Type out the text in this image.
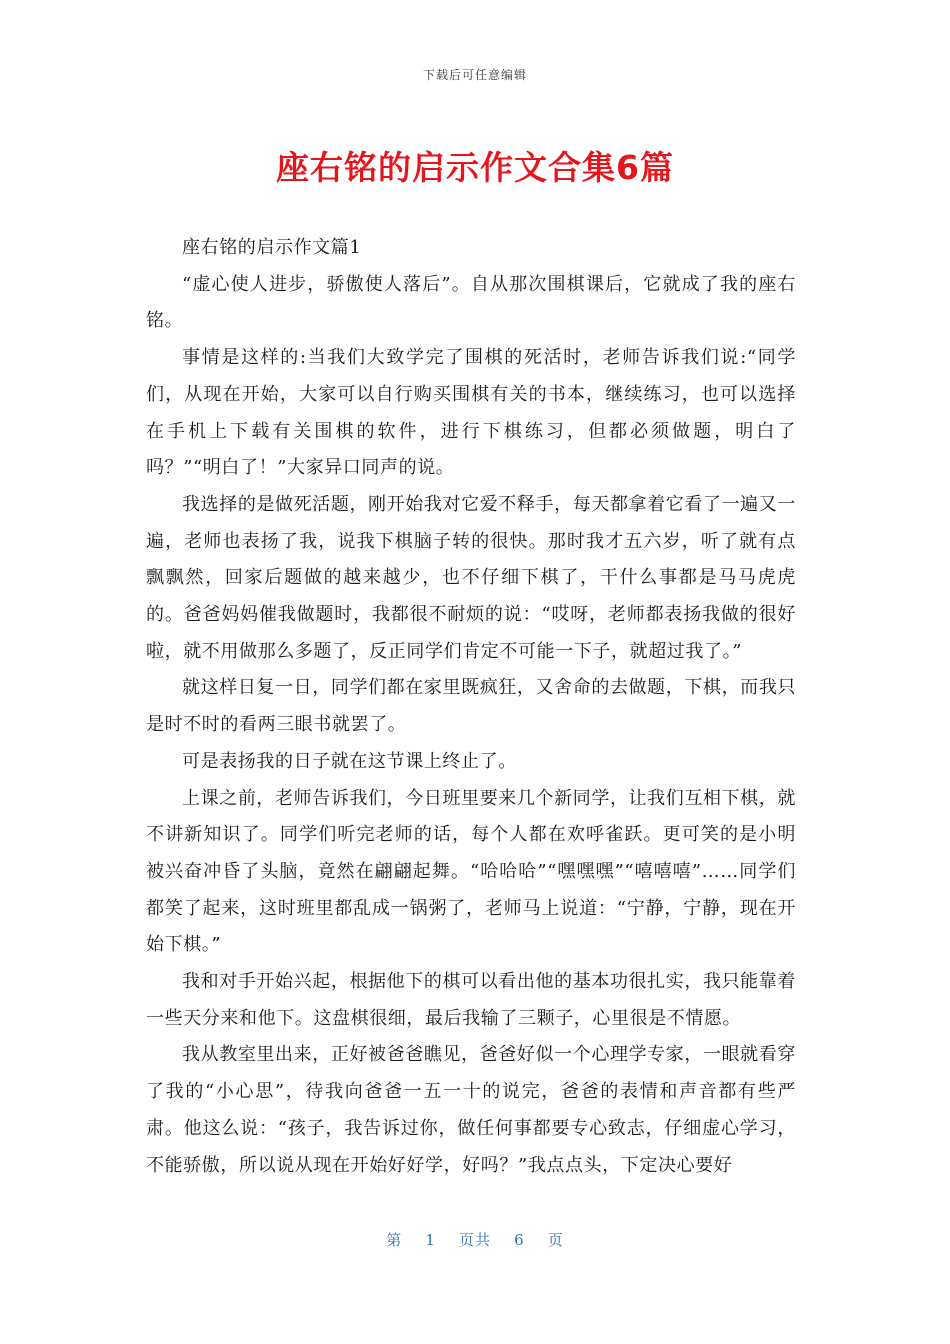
下载后可任意编辑
座右铭的启示作文合集6篇

座右铭的启示作文篇1

“虚心使人进步，骄傲使人落后”。自从那次围棋课后，它就成了我的座右铭。

事情是这样的:当我们大致学完了围棋的死活时，老师告诉我们说:“同学们，从现在开始，大家可以自行购买围棋有关的书本，继续练习，也可以选择在手机上下载有关围棋的软件，进行下棋练习，但都必须做题，明白了吗？”“明白了！”大家异口同声的说。

我选择的是做死活题，刚开始我对它爱不释手，每天都拿着它看了一遍又一遍，老师也表扬了我，说我下棋脑子转的很快。那时我才五六岁，听了就有点飘飘然，回家后题做的越来越少，也不仔细下棋了，干什么事都是马马虎虎的。爸爸妈妈催我做题时，我都很不耐烦的说：“哎呀，老师都表扬我做的很好啦，就不用做那么多题了，反正同学们肯定不可能一下子，就超过我了。”

就这样日复一日，同学们都在家里既疯狂，又舍命的去做题，下棋，而我只是时不时的看两三眼书就罢了。

可是表扬我的日子就在这节课上终止了。

上课之前，老师告诉我们，今日班里要来几个新同学，让我们互相下棋，就不讲新知识了。同学们听完老师的话，每个人都在欢呼雀跃。更可笑的是小明被兴奋冲昏了头脑，竟然在翩翩起舞。“哈哈哈”“嘿嘿嘿”“嘻嘻嘻”……同学们都笑了起来，这时班里都乱成一锅粥了，老师马上说道：“宁静，宁静，现在开始下棋。”

我和对手开始兴起，根据他下的棋可以看出他的基本功很扎实，我只能靠着一些天分来和他下。这盘棋很细，最后我输了三颗子，心里很是不情愿。

我从教室里出来，正好被爸爸瞧见，爸爸好似一个心理学专家，一眼就看穿了我的“小心思”，待我向爸爸一五一十的说完，爸爸的表情和声音都有些严肃。他这么说：“孩子，我告诉过你，做任何事都要专心致志，仔细虚心学习，不能骄傲，所以说从现在开始好好学，好吗？”我点点头，下定决心要好

第 1 页共 6 页
